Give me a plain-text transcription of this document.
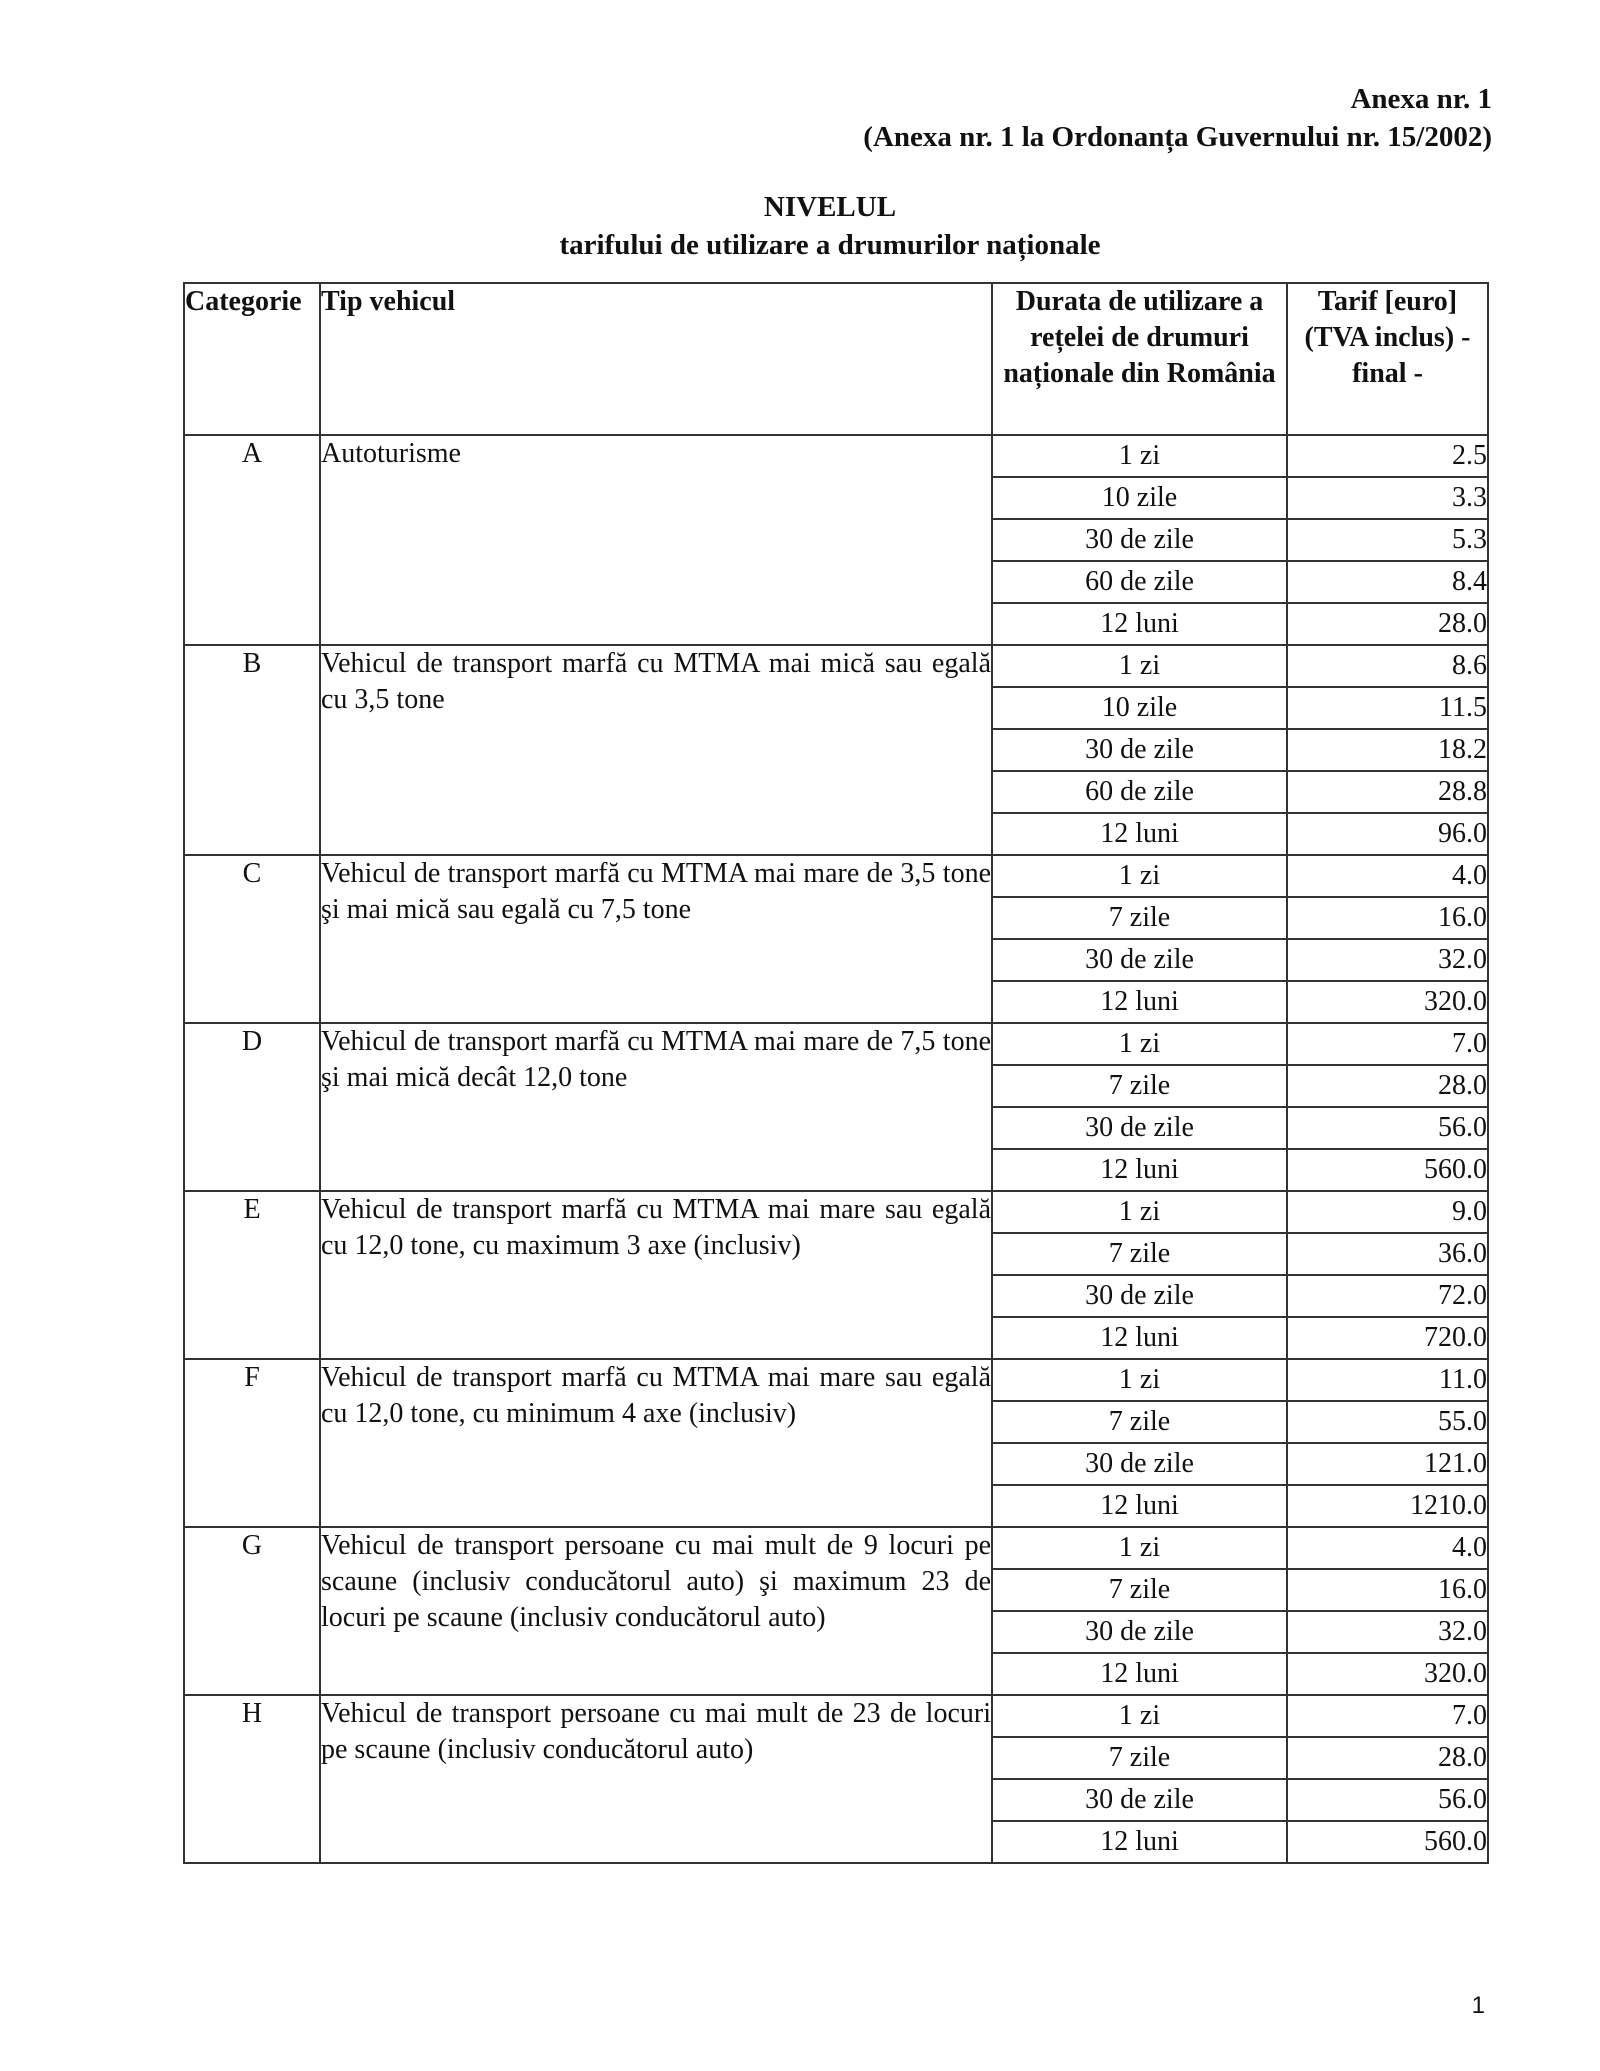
Anexa nr. 1
(Anexa nr. 1 la Ordonanța Guvernului nr. 15/2002)
NIVELUL
tarifului de utilizare a drumurilor naționale
Categorie	Tip vehicul	Durata de utilizare a rețelei de drumuri naționale din România	Tarif [euro] (TVA inclus) - final -
A	Autoturisme	1 zi	2.5
		10 zile	3.3
		30 de zile	5.3
		60 de zile	8.4
		12 luni	28.0
B	Vehicul de transport marfă cu MTMA mai mică sau egală cu 3,5 tone	1 zi	8.6
		10 zile	11.5
		30 de zile	18.2
		60 de zile	28.8
		12 luni	96.0
C	Vehicul de transport marfă cu MTMA mai mare de 3,5 tone şi mai mică sau egală cu 7,5 tone	1 zi	4.0
		7 zile	16.0
		30 de zile	32.0
		12 luni	320.0
D	Vehicul de transport marfă cu MTMA mai mare de 7,5 tone şi mai mică decât 12,0 tone	1 zi	7.0
		7 zile	28.0
		30 de zile	56.0
		12 luni	560.0
E	Vehicul de transport marfă cu MTMA mai mare sau egală cu 12,0 tone, cu maximum 3 axe (inclusiv)	1 zi	9.0
		7 zile	36.0
		30 de zile	72.0
		12 luni	720.0
F	Vehicul de transport marfă cu MTMA mai mare sau egală cu 12,0 tone, cu minimum 4 axe (inclusiv)	1 zi	11.0
		7 zile	55.0
		30 de zile	121.0
		12 luni	1210.0
G	Vehicul de transport persoane cu mai mult de 9 locuri pe scaune (inclusiv conducătorul auto) şi maximum 23 de locuri pe scaune (inclusiv conducătorul auto)	1 zi	4.0
		7 zile	16.0
		30 de zile	32.0
		12 luni	320.0
H	Vehicul de transport persoane cu mai mult de 23 de locuri pe scaune (inclusiv conducătorul auto)	1 zi	7.0
		7 zile	28.0
		30 de zile	56.0
		12 luni	560.0
1
